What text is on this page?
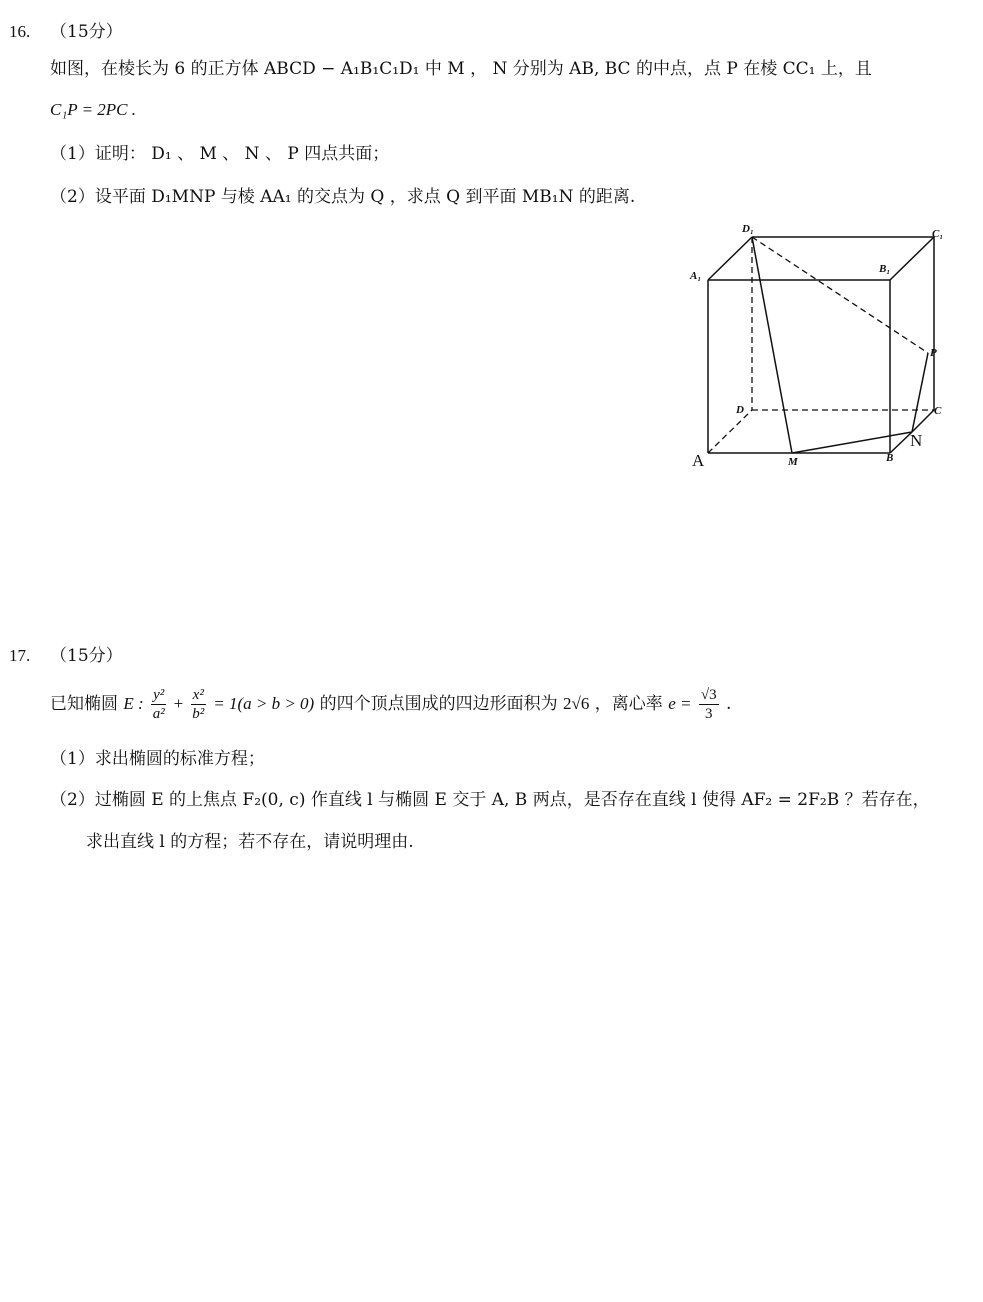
16. （15分）
如图，在棱长为 6 的正方体 ABCD − A₁B₁C₁D₁ 中 M ， N 分别为 AB, BC 的中点，点 P 在棱 CC₁ 上，且
C₁P = 2PC .
（1）证明： D₁ 、 M 、 N 、 P 四点共面；
（2）设平面 D₁MNP 与棱 AA₁ 的交点为 Q ，求点 Q 到平面 MB₁N 的距离.
D₁	C₁
A₁
B₁
P
D	C
M	B
N
A
17. （15分）
已知椭圆 E : $\frac{\text{y²}}{\text{a²}} + \frac{\text{x²}}{\text{b²}} = 1(a > b > 0)$ 的四个顶点围成的四边形面积为 2√6 ，离心率 $e = \frac{√3}{3}$ .
（1）求出椭圆的标准方程；
（2）过椭圆 E 的上焦点 F₂(0, c) 作直线 l 与椭圆 E 交于 A, B 两点，是否存在直线 l 使得 AF₂ = 2F₂B ？若存在，
求出直线 l 的方程；若不存在，请说明理由.
